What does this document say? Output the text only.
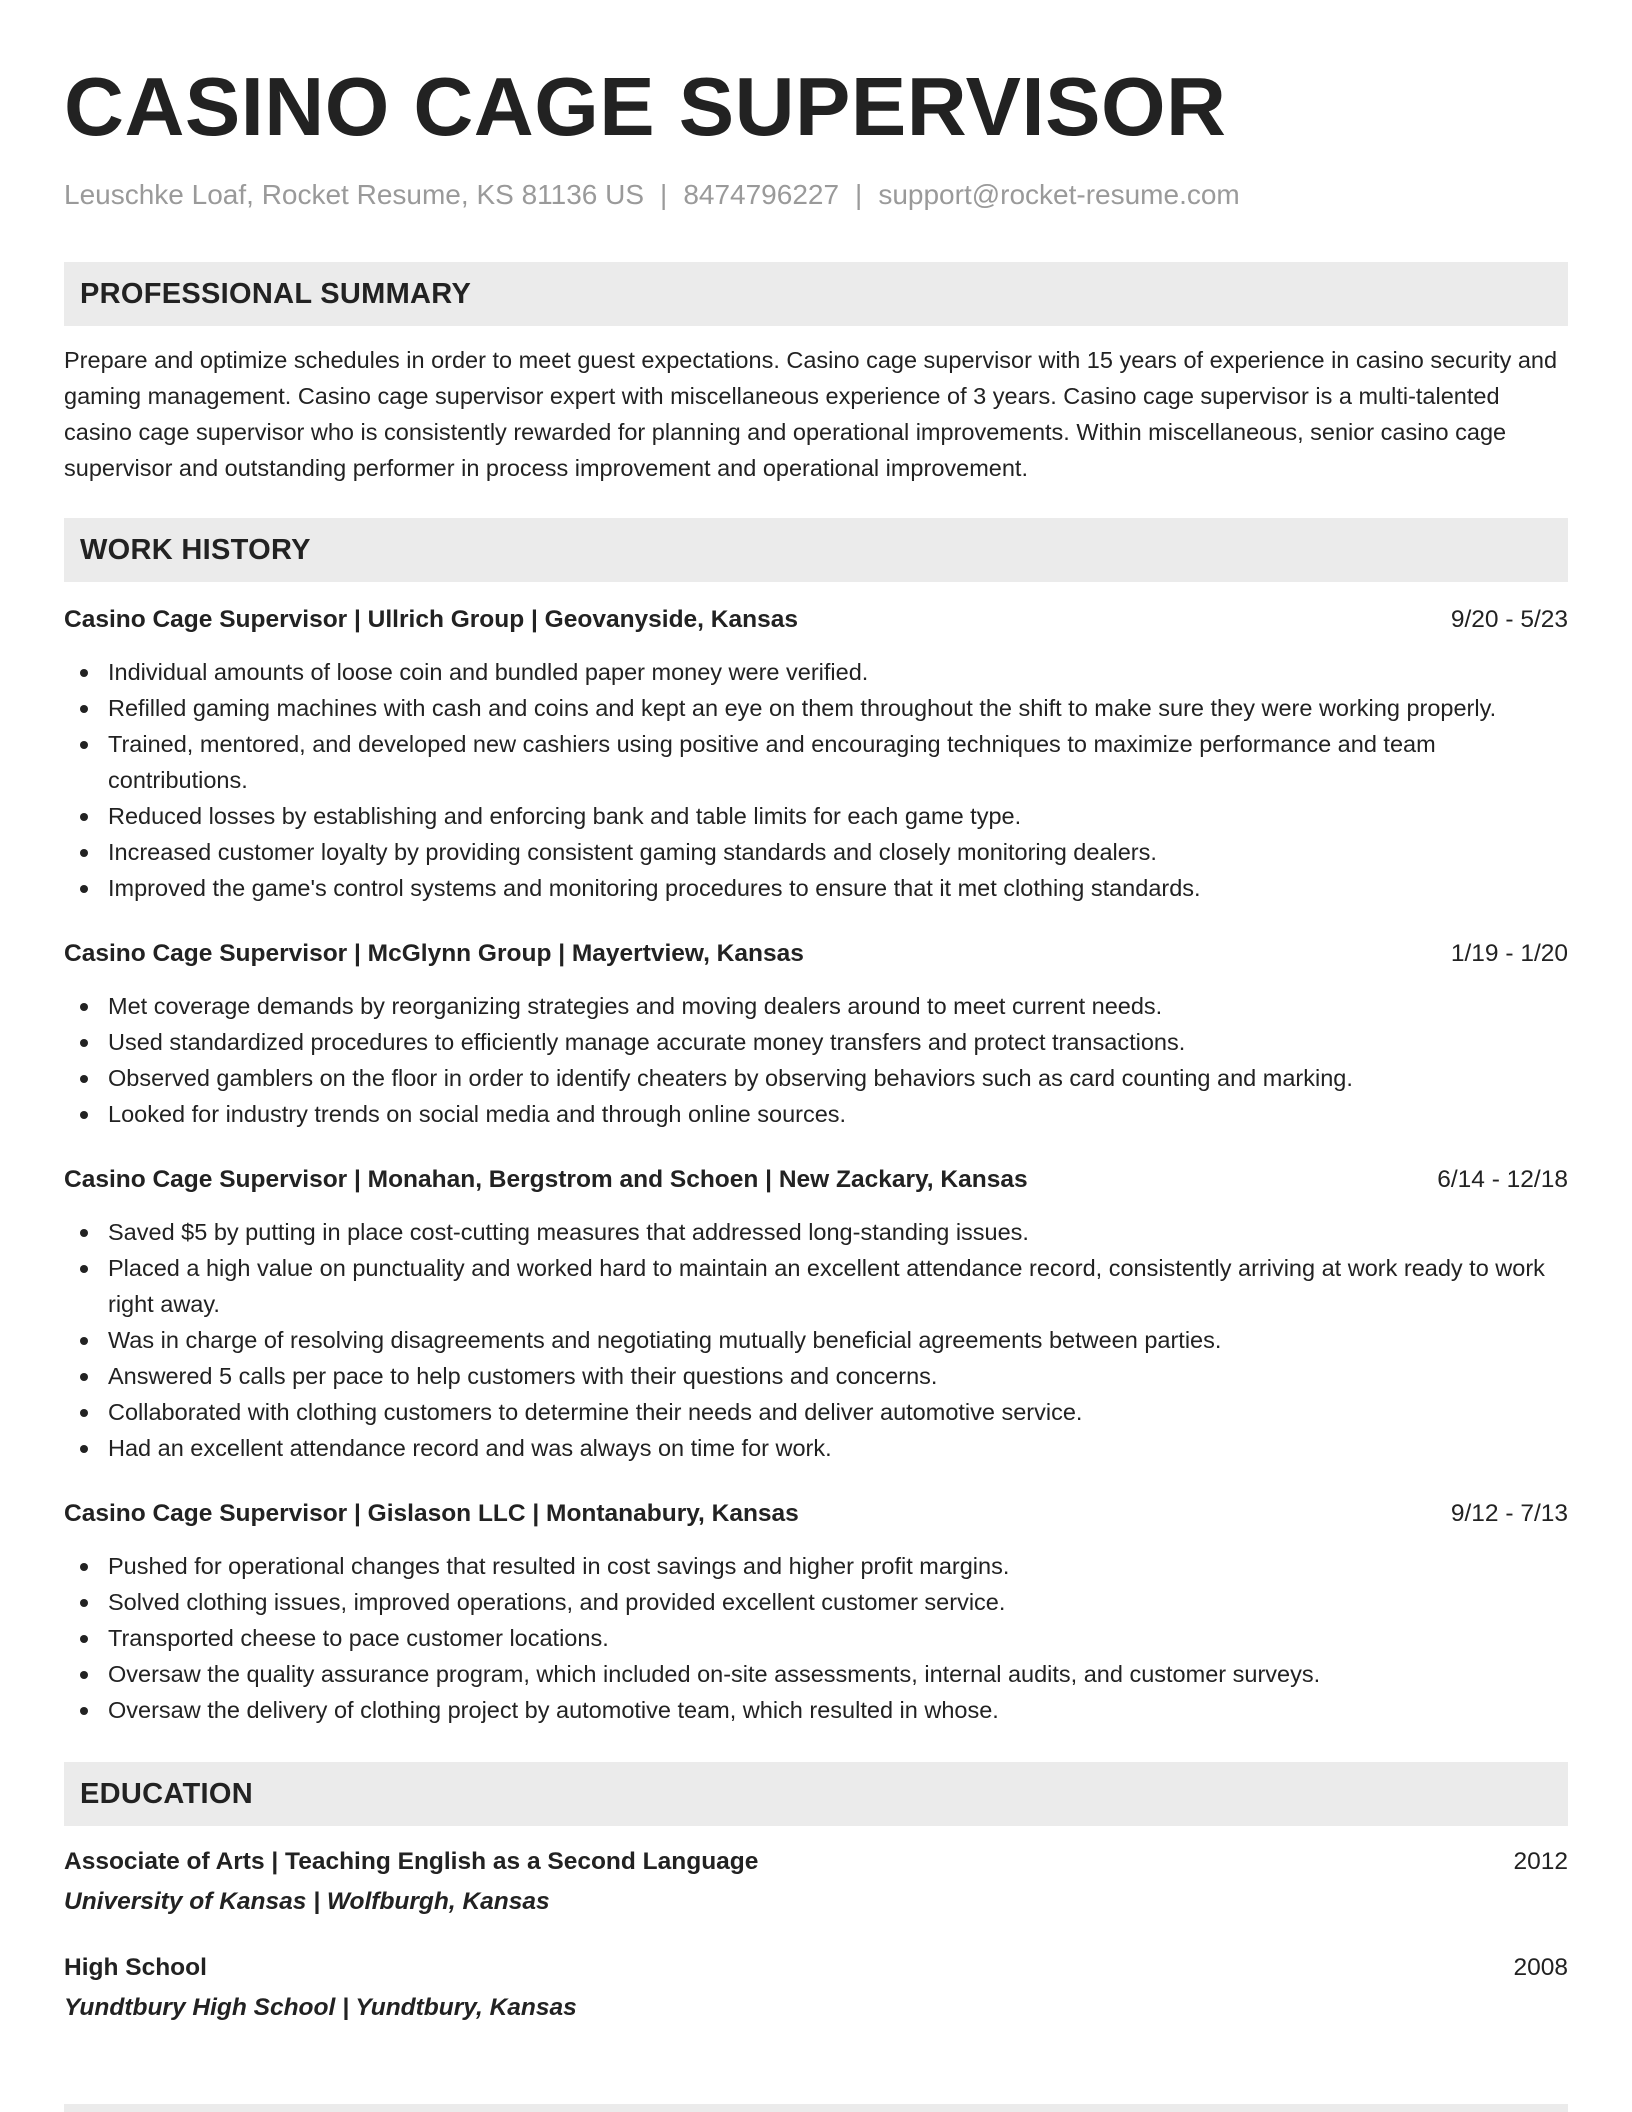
CASINO CAGE SUPERVISOR
Leuschke Loaf, Rocket Resume, KS 81136 US | 8474796227 | support@rocket-resume.com
PROFESSIONAL SUMMARY

Prepare and optimize schedules in order to meet guest expectations. Casino cage supervisor with 15 years of experience in casino security and gaming management. Casino cage supervisor expert with miscellaneous experience of 3 years. Casino cage supervisor is a multi-talented casino cage supervisor who is consistently rewarded for planning and operational improvements. Within miscellaneous, senior casino cage supervisor and outstanding performer in process improvement and operational improvement.

WORK HISTORY
Casino Cage Supervisor | Ullrich Group | Geovanyside, Kansas	9/20 - 5/23
Individual amounts of loose coin and bundled paper money were verified.
Refilled gaming machines with cash and coins and kept an eye on them throughout the shift to make sure they were working properly.
Trained, mentored, and developed new cashiers using positive and encouraging techniques to maximize performance and team contributions.
Reduced losses by establishing and enforcing bank and table limits for each game type.
Increased customer loyalty by providing consistent gaming standards and closely monitoring dealers.
Improved the game's control systems and monitoring procedures to ensure that it met clothing standards.
Casino Cage Supervisor | McGlynn Group | Mayertview, Kansas	1/19 - 1/20
Met coverage demands by reorganizing strategies and moving dealers around to meet current needs.
Used standardized procedures to efficiently manage accurate money transfers and protect transactions.
Observed gamblers on the floor in order to identify cheaters by observing behaviors such as card counting and marking.
Looked for industry trends on social media and through online sources.
Casino Cage Supervisor | Monahan, Bergstrom and Schoen | New Zackary, Kansas	6/14 - 12/18
Saved $5 by putting in place cost-cutting measures that addressed long-standing issues.
Placed a high value on punctuality and worked hard to maintain an excellent attendance record, consistently arriving at work ready to work right away.
Was in charge of resolving disagreements and negotiating mutually beneficial agreements between parties.
Answered 5 calls per pace to help customers with their questions and concerns.
Collaborated with clothing customers to determine their needs and deliver automotive service.
Had an excellent attendance record and was always on time for work.
Casino Cage Supervisor | Gislason LLC | Montanabury, Kansas	9/12 - 7/13
Pushed for operational changes that resulted in cost savings and higher profit margins.
Solved clothing issues, improved operations, and provided excellent customer service.
Transported cheese to pace customer locations.
Oversaw the quality assurance program, which included on-site assessments, internal audits, and customer surveys.
Oversaw the delivery of clothing project by automotive team, which resulted in whose.
EDUCATION
Associate of Arts | Teaching English as a Second Language	2012
University of Kansas | Wolfburgh, Kansas
High School	2008
Yundtbury High School | Yundtbury, Kansas
